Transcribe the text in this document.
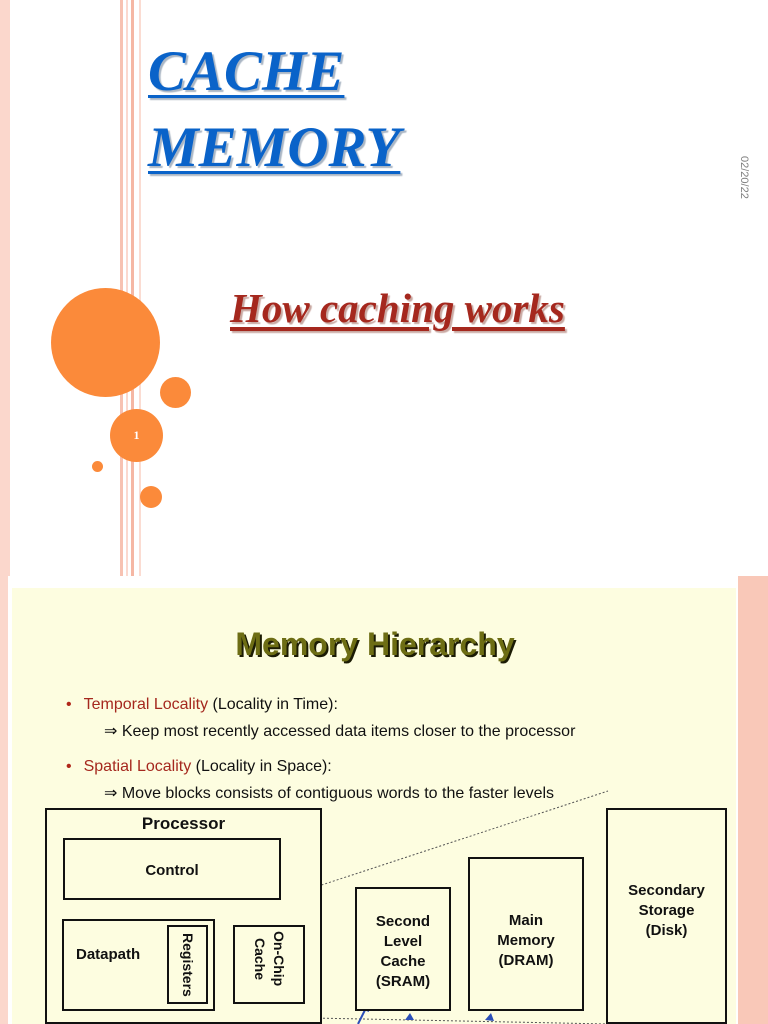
CACHE
MEMORY
How caching works
02/20/22
1
Memory Hierarchy
• Temporal Locality (Locality in Time):
⇒ Keep most recently accessed data items closer to the processor
• Spatial Locality (Locality in Space):
⇒ Move blocks consists of contiguous words to the faster levels
Processor
Control
Datapath	Registers	On-Chip
Cache
Second
Level
Cache
(SRAM)
Main
Memory
(DRAM)
Secondary
Storage
(Disk)
